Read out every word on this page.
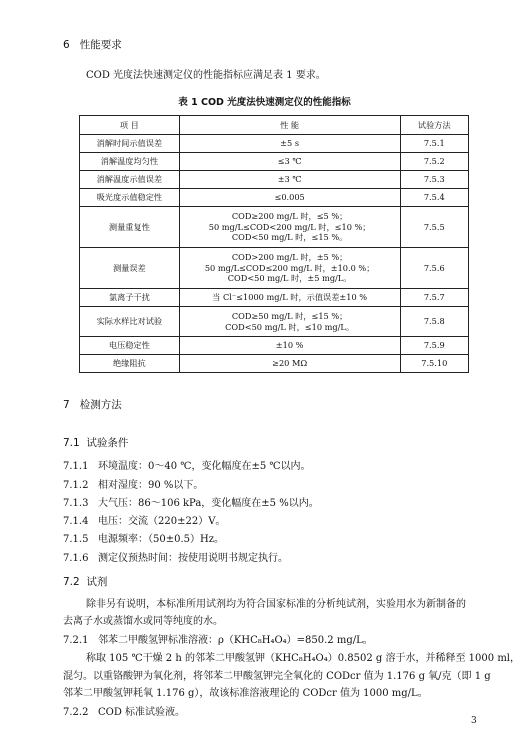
6 性能要求
COD 光度法快速测定仪的性能指标应满足表 1 要求。
表 1 COD 光度法快速测定仪的性能指标
项 目	性 能	试验方法
消解时间示值误差	±5 s	7.5.1
消解温度均匀性	≤3 ℃	7.5.2
消解温度示值误差	±3 ℃	7.5.3
吸光度示值稳定性	≤0.005	7.5.4
测量重复性	COD≥200 mg/L 时，≤5 %；
50 mg/L≤COD<200 mg/L 时，≤10 %；
COD<50 mg/L 时，≤15 %。	7.5.5
测量误差	COD>200 mg/L 时，±5 %；
50 mg/L≤COD≤200 mg/L 时，±10.0 %；
COD<50 mg/L 时，±5 mg/L。	7.5.6
氯离子干扰	当 Cl⁻≤1000 mg/L 时，示值误差±10 %	7.5.7
实际水样比对试验	COD≥50 mg/L 时，≤15 %；
COD<50 mg/L 时，≤10 mg/L。	7.5.8
电压稳定性	±10 %	7.5.9
绝缘阻抗	≥20 MΩ	7.5.10
7 检测方法
7.1 试验条件
7.1.1 环境温度：0～40 ℃，变化幅度在±5 ℃以内。
7.1.2 相对湿度：90 %以下。
7.1.3 大气压：86～106 kPa，变化幅度在±5 %以内。
7.1.4 电压：交流（220±22）V。
7.1.5 电源频率：（50±0.5）Hz。
7.1.6 测定仪预热时间：按使用说明书规定执行。
7.2 试剂
除非另有说明，本标准所用试剂均为符合国家标准的分析纯试剂，实验用水为新制备的
去离子水或蒸馏水或同等纯度的水。
7.2.1 邻苯二甲酸氢钾标准溶液：ρ（KHC₈H₄O₄）=850.2 mg/L。
称取 105 ℃干燥 2 h 的邻苯二甲酸氢钾（KHC₈H₄O₄）0.8502 g 溶于水，并稀释至 1000 ml，
混匀。以重铬酸钾为氧化剂，将邻苯二甲酸氢钾完全氧化的 CODcr 值为 1.176 g 氧/克（即 1 g
邻苯二甲酸氢钾耗氧 1.176 g），故该标准溶液理论的 CODcr 值为 1000 mg/L。
7.2.2 COD 标准试验液。
3
